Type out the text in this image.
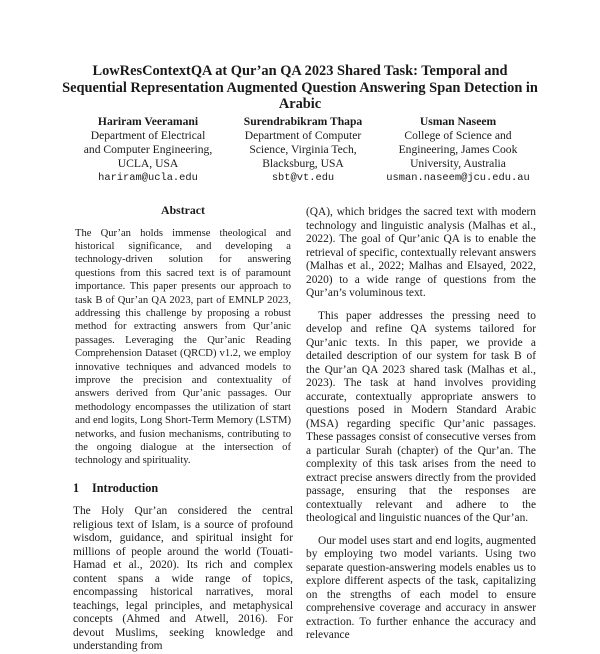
LowResContextQA at Qur’an QA 2023 Shared Task: Temporal and Sequential Representation Augmented Question Answering Span Detection in Arabic
Hariram Veeramani
Department of Electrical
and Computer Engineering,
UCLA, USA
hariram@ucla.edu
Surendrabikram Thapa
Department of Computer
Science, Virginia Tech,
Blacksburg, USA
sbt@vt.edu
Usman Naseem
College of Science and
Engineering, James Cook
University, Australia
usman.naseem@jcu.edu.au
Abstract

The Qur’an holds immense theological and historical significance, and developing a technology-driven solution for answering questions from this sacred text is of paramount importance. This paper presents our approach to task B of Qur’an QA 2023, part of EMNLP 2023, addressing this challenge by proposing a robust method for extracting answers from Qur’anic passages. Leveraging the Qur’anic Reading Comprehension Dataset (QRCD) v1.2, we employ innovative techniques and advanced models to improve the precision and contextuality of answers derived from Qur’anic passages. Our methodology encompasses the utilization of start and end logits, Long Short-Term Memory (LSTM) networks, and fusion mechanisms, contributing to the ongoing dialogue at the intersection of technology and spirituality.

1 Introduction

The Holy Qur’an considered the central religious text of Islam, is a source of profound wisdom, guidance, and spiritual insight for millions of people around the world (Touati-Hamad et al., 2020). Its rich and complex content spans a wide range of topics, encompassing historical narratives, moral teachings, legal principles, and metaphysical concepts (Ahmed and Atwell, 2016). For devout Muslims, seeking knowledge and understanding from

(QA), which bridges the sacred text with modern technology and linguistic analysis (Malhas et al., 2022). The goal of Qur’anic QA is to enable the retrieval of specific, contextually relevant answers (Malhas et al., 2022; Malhas and Elsayed, 2022, 2020) to a wide range of questions from the Qur’an’s voluminous text.

This paper addresses the pressing need to develop and refine QA systems tailored for Qur’anic texts. In this paper, we provide a detailed description of our system for task B of the Qur’an QA 2023 shared task (Malhas et al., 2023). The task at hand involves providing accurate, contextually appropriate answers to questions posed in Modern Standard Arabic (MSA) regarding specific Qur’anic passages. These passages consist of consecutive verses from a particular Surah (chapter) of the Qur’an. The complexity of this task arises from the need to extract precise answers directly from the provided passage, ensuring that the responses are contextually relevant and adhere to the theological and linguistic nuances of the Qur’an.

Our model uses start and end logits, augmented by employing two model variants. Using two separate question-answering models enables us to explore different aspects of the task, capitalizing on the strengths of each model to ensure comprehensive coverage and accuracy in answer extraction. To further enhance the accuracy and relevance
